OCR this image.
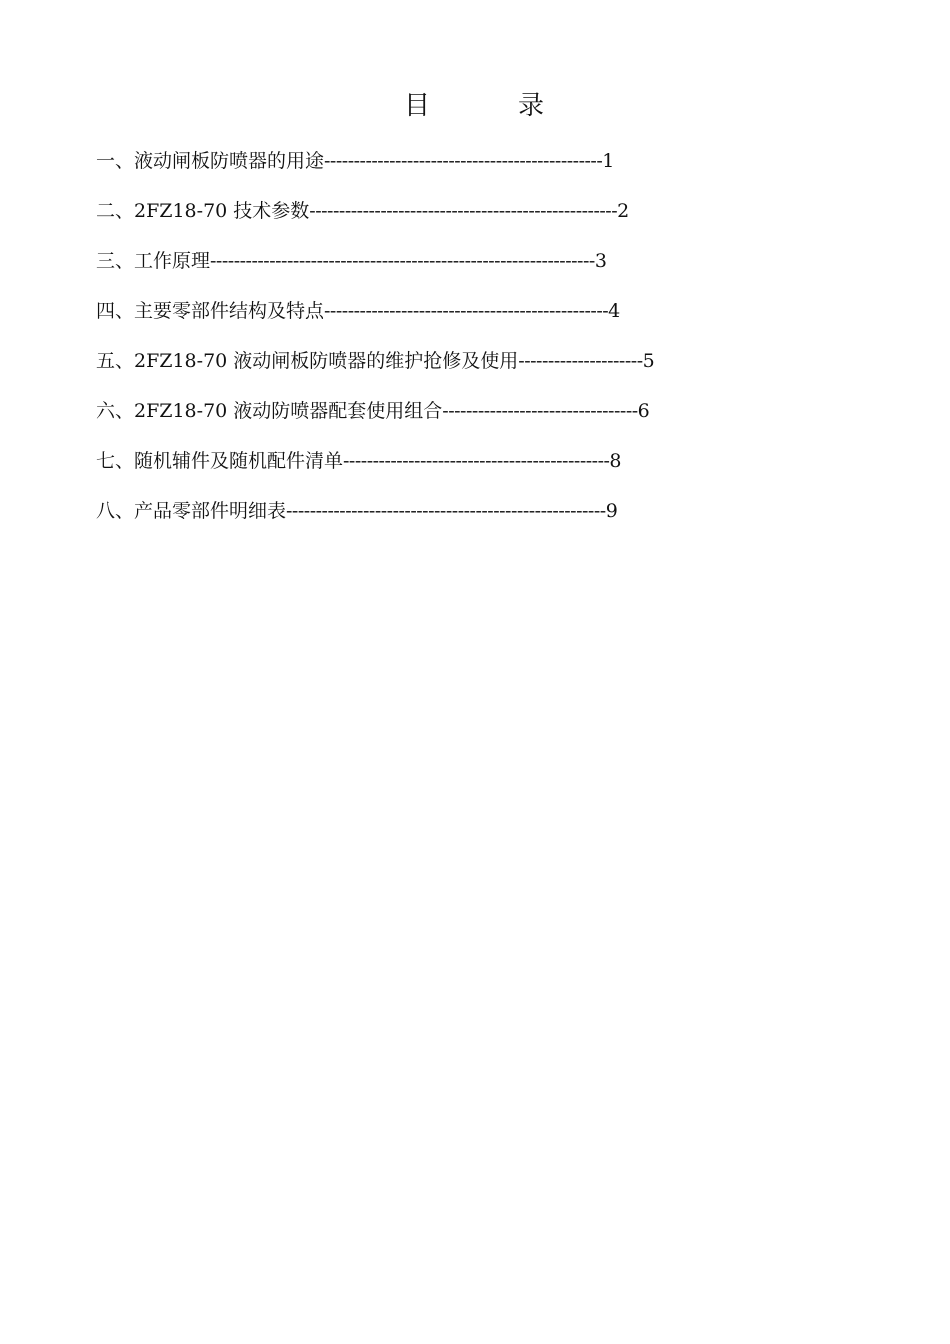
目	录
一、液动闸板防喷器的用途-----------------------------------------------1
二、2FZ18-70 技术参数----------------------------------------------------2
三、工作原理-----------------------------------------------------------------3
四、主要零部件结构及特点------------------------------------------------4
五、2FZ18-70 液动闸板防喷器的维护抢修及使用---------------------5
六、2FZ18-70 液动防喷器配套使用组合---------------------------------6
七、随机辅件及随机配件清单---------------------------------------------8
八、产品零部件明细表------------------------------------------------------9
